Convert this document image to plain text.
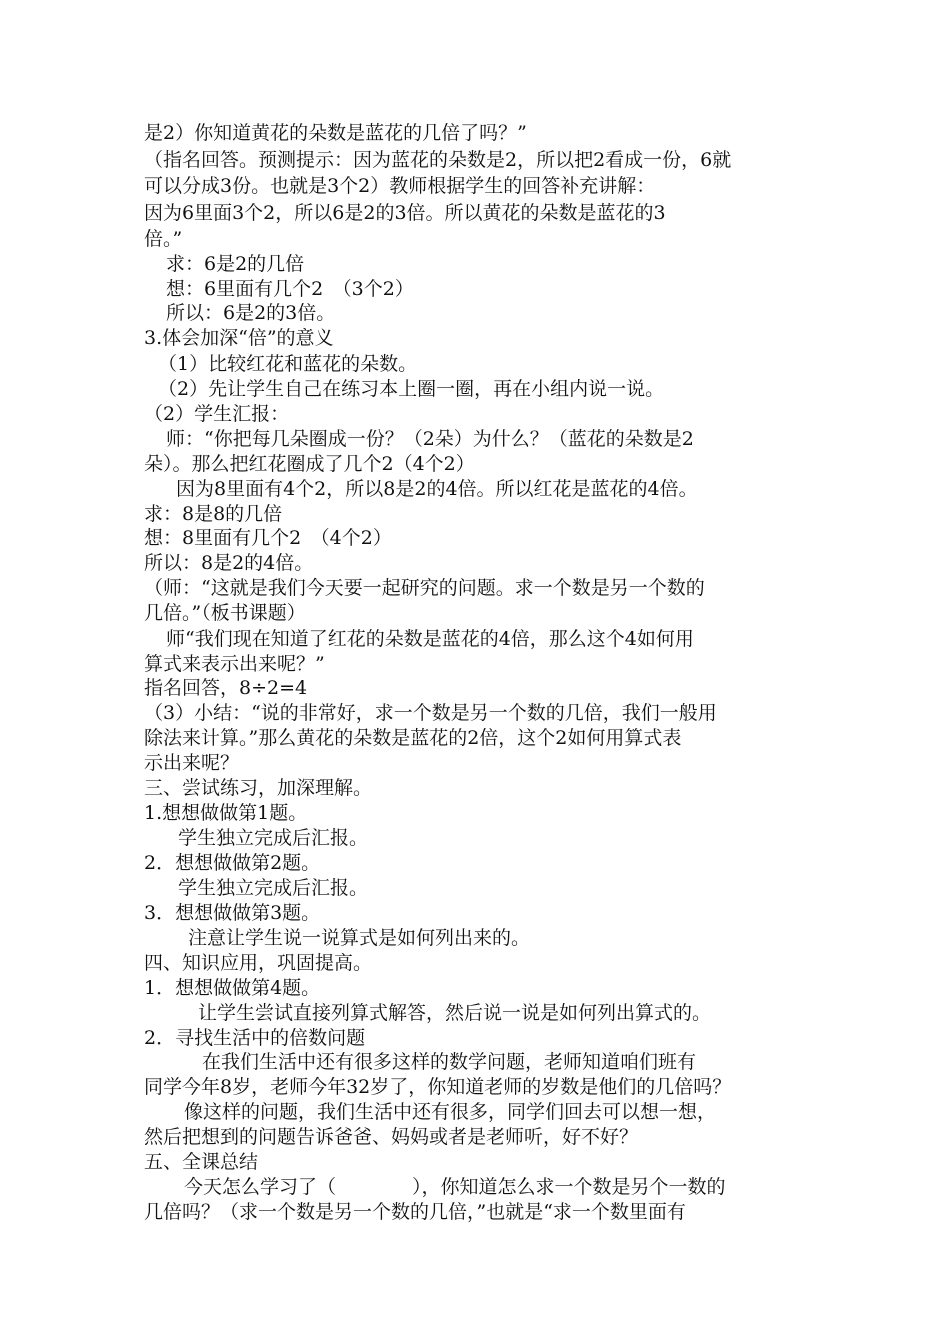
是2）你知道黄花的朵数是蓝花的几倍了吗？”
（指名回答。预测提示：因为蓝花的朵数是2，所以把2看成一份，6就
可以分成3份。也就是3个2）教师根据学生的回答补充讲解：
因为6里面3个2，所以6是2的3倍。所以黄花的朵数是蓝花的3
倍。”
求：6是2的几倍
想：6里面有几个2　（3个2）
所以：6是2的3倍。
3.体会加深“倍”的意义
（1）比较红花和蓝花的朵数。
（2）先让学生自己在练习本上圈一圈，再在小组内说一说。
（2）学生汇报：
师：“你把每几朵圈成一份？（2朵）为什么？（蓝花的朵数是2
朵）。那么把红花圈成了几个2（4个2）
因为8里面有4个2，所以8是2的4倍。所以红花是蓝花的4倍。
求：8是8的几倍
想：8里面有几个2　（4个2）
所以：8是2的4倍。
（师：“这就是我们今天要一起研究的问题。求一个数是另一个数的
几倍。”（板书课题）
师“我们现在知道了红花的朵数是蓝花的4倍，那么这个4如何用
算式来表示出来呢？”
指名回答，8÷2=4
（3）小结：“说的非常好，求一个数是另一个数的几倍，我们一般用
除法来计算。”那么黄花的朵数是蓝花的2倍，这个2如何用算式表
示出来呢？
三、尝试练习，加深理解。
1.想想做做第1题。
学生独立完成后汇报。
2．想想做做第2题。
学生独立完成后汇报。
3．想想做做第3题。
注意让学生说一说算式是如何列出来的。
四、知识应用，巩固提高。
1．想想做做第4题。
让学生尝试直接列算式解答，然后说一说是如何列出算式的。
2．寻找生活中的倍数问题
在我们生活中还有很多这样的数学问题，老师知道咱们班有
同学今年8岁，老师今年32岁了，你知道老师的岁数是他们的几倍吗？
像这样的问题，我们生活中还有很多，同学们回去可以想一想，
然后把想到的问题告诉爸爸、妈妈或者是老师听，好不好？
五、全课总结
今天怎么学习了（　　　　），你知道怎么求一个数是另个一数的
几倍吗？（求一个数是另一个数的几倍，”也就是“求一个数里面有
